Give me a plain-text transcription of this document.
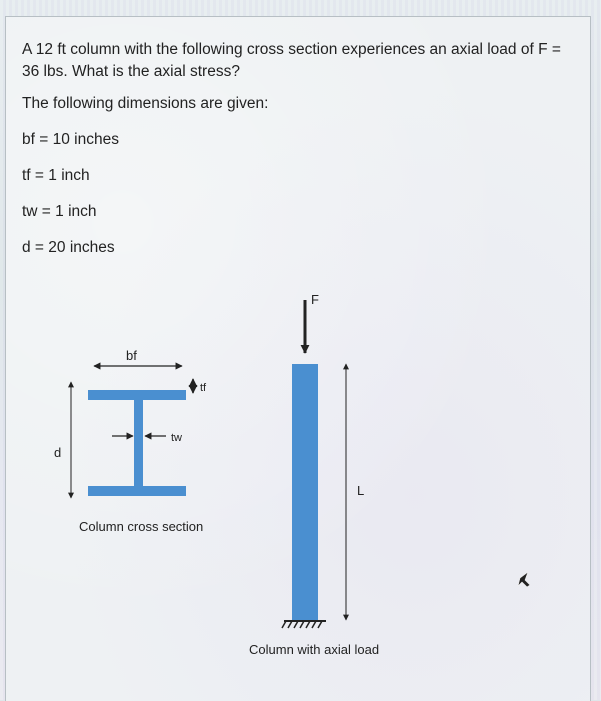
A 12 ft column with the following cross section experiences an axial load of F = 36 lbs. What is the axial stress?
The following dimensions are given:
bf = 10 inches
tf = 1 inch
tw = 1 inch
d = 20 inches
bf
tf
tw
d
Column cross section
F
L
Column with axial load
